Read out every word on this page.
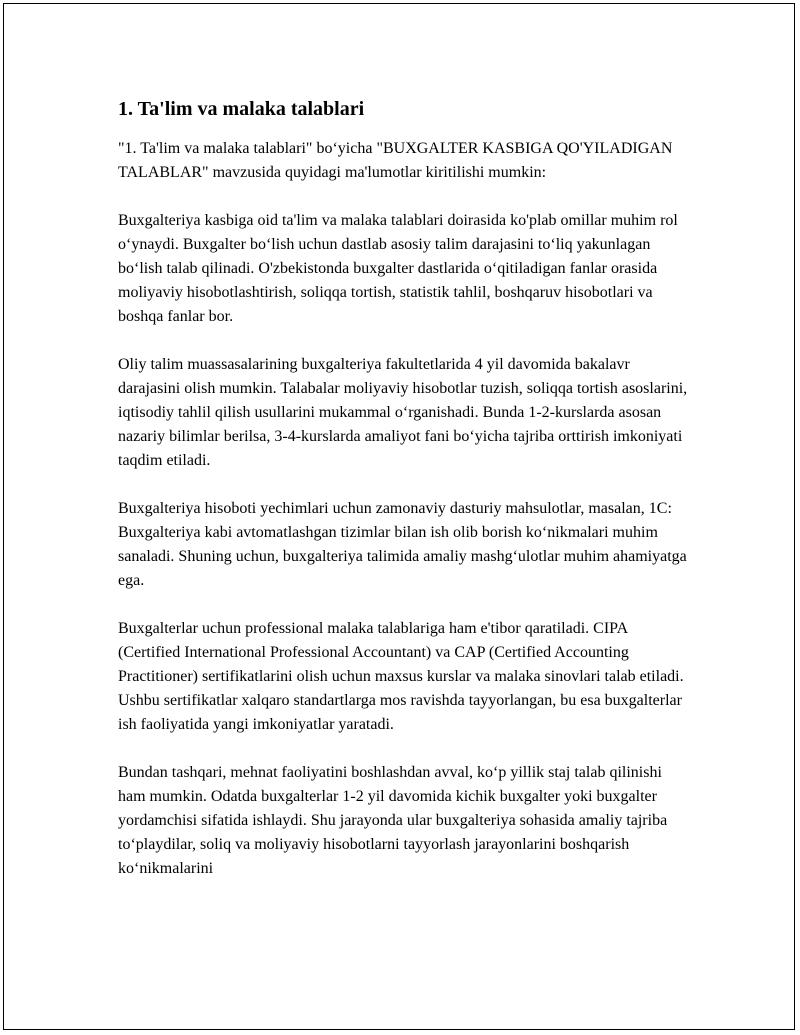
1. Ta'lim va malaka talablari

"1. Ta'lim va malaka talablari" bo‘yicha "BUXGALTER KASBIGA QO'YILADIGAN TALABLAR" mavzusida quyidagi ma'lumotlar kiritilishi mumkin:

Buxgalteriya kasbiga oid ta'lim va malaka talablari doirasida ko'plab omillar muhim rol o‘ynaydi. Buxgalter bo‘lish uchun dastlab asosiy talim darajasini to‘liq yakunlagan bo‘lish talab qilinadi. O'zbekistonda buxgalter dastlarida o‘qitiladigan fanlar orasida moliyaviy hisobotlashtirish, soliqqa tortish, statistik tahlil, boshqaruv hisobotlari va boshqa fanlar bor.

Oliy talim muassasalarining buxgalteriya fakultetlarida 4 yil davomida bakalavr darajasini olish mumkin. Talabalar moliyaviy hisobotlar tuzish, soliqqa tortish asoslarini, iqtisodiy tahlil qilish usullarini mukammal o‘rganishadi. Bunda 1-2-kurslarda asosan nazariy bilimlar berilsa, 3-4-kurslarda amaliyot fani bo‘yicha tajriba orttirish imkoniyati taqdim etiladi.

Buxgalteriya hisoboti yechimlari uchun zamonaviy dasturiy mahsulotlar, masalan, 1C: Buxgalteriya kabi avtomatlashgan tizimlar bilan ish olib borish ko‘nikmalari muhim sanaladi. Shuning uchun, buxgalteriya talimida amaliy mashg‘ulotlar muhim ahamiyatga ega.

Buxgalterlar uchun professional malaka talablariga ham e'tibor qaratiladi. CIPA (Certified International Professional Accountant) va CAP (Certified Accounting Practitioner) sertifikatlarini olish uchun maxsus kurslar va malaka sinovlari talab etiladi. Ushbu sertifikatlar xalqaro standartlarga mos ravishda tayyorlangan, bu esa buxgalterlar ish faoliyatida yangi imkoniyatlar yaratadi.

Bundan tashqari, mehnat faoliyatini boshlashdan avval, ko‘p yillik staj talab qilinishi ham mumkin. Odatda buxgalterlar 1-2 yil davomida kichik buxgalter yoki buxgalter yordamchisi sifatida ishlaydi. Shu jarayonda ular buxgalteriya sohasida amaliy tajriba to‘playdilar, soliq va moliyaviy hisobotlarni tayyorlash jarayonlarini boshqarish ko‘nikmalarini
